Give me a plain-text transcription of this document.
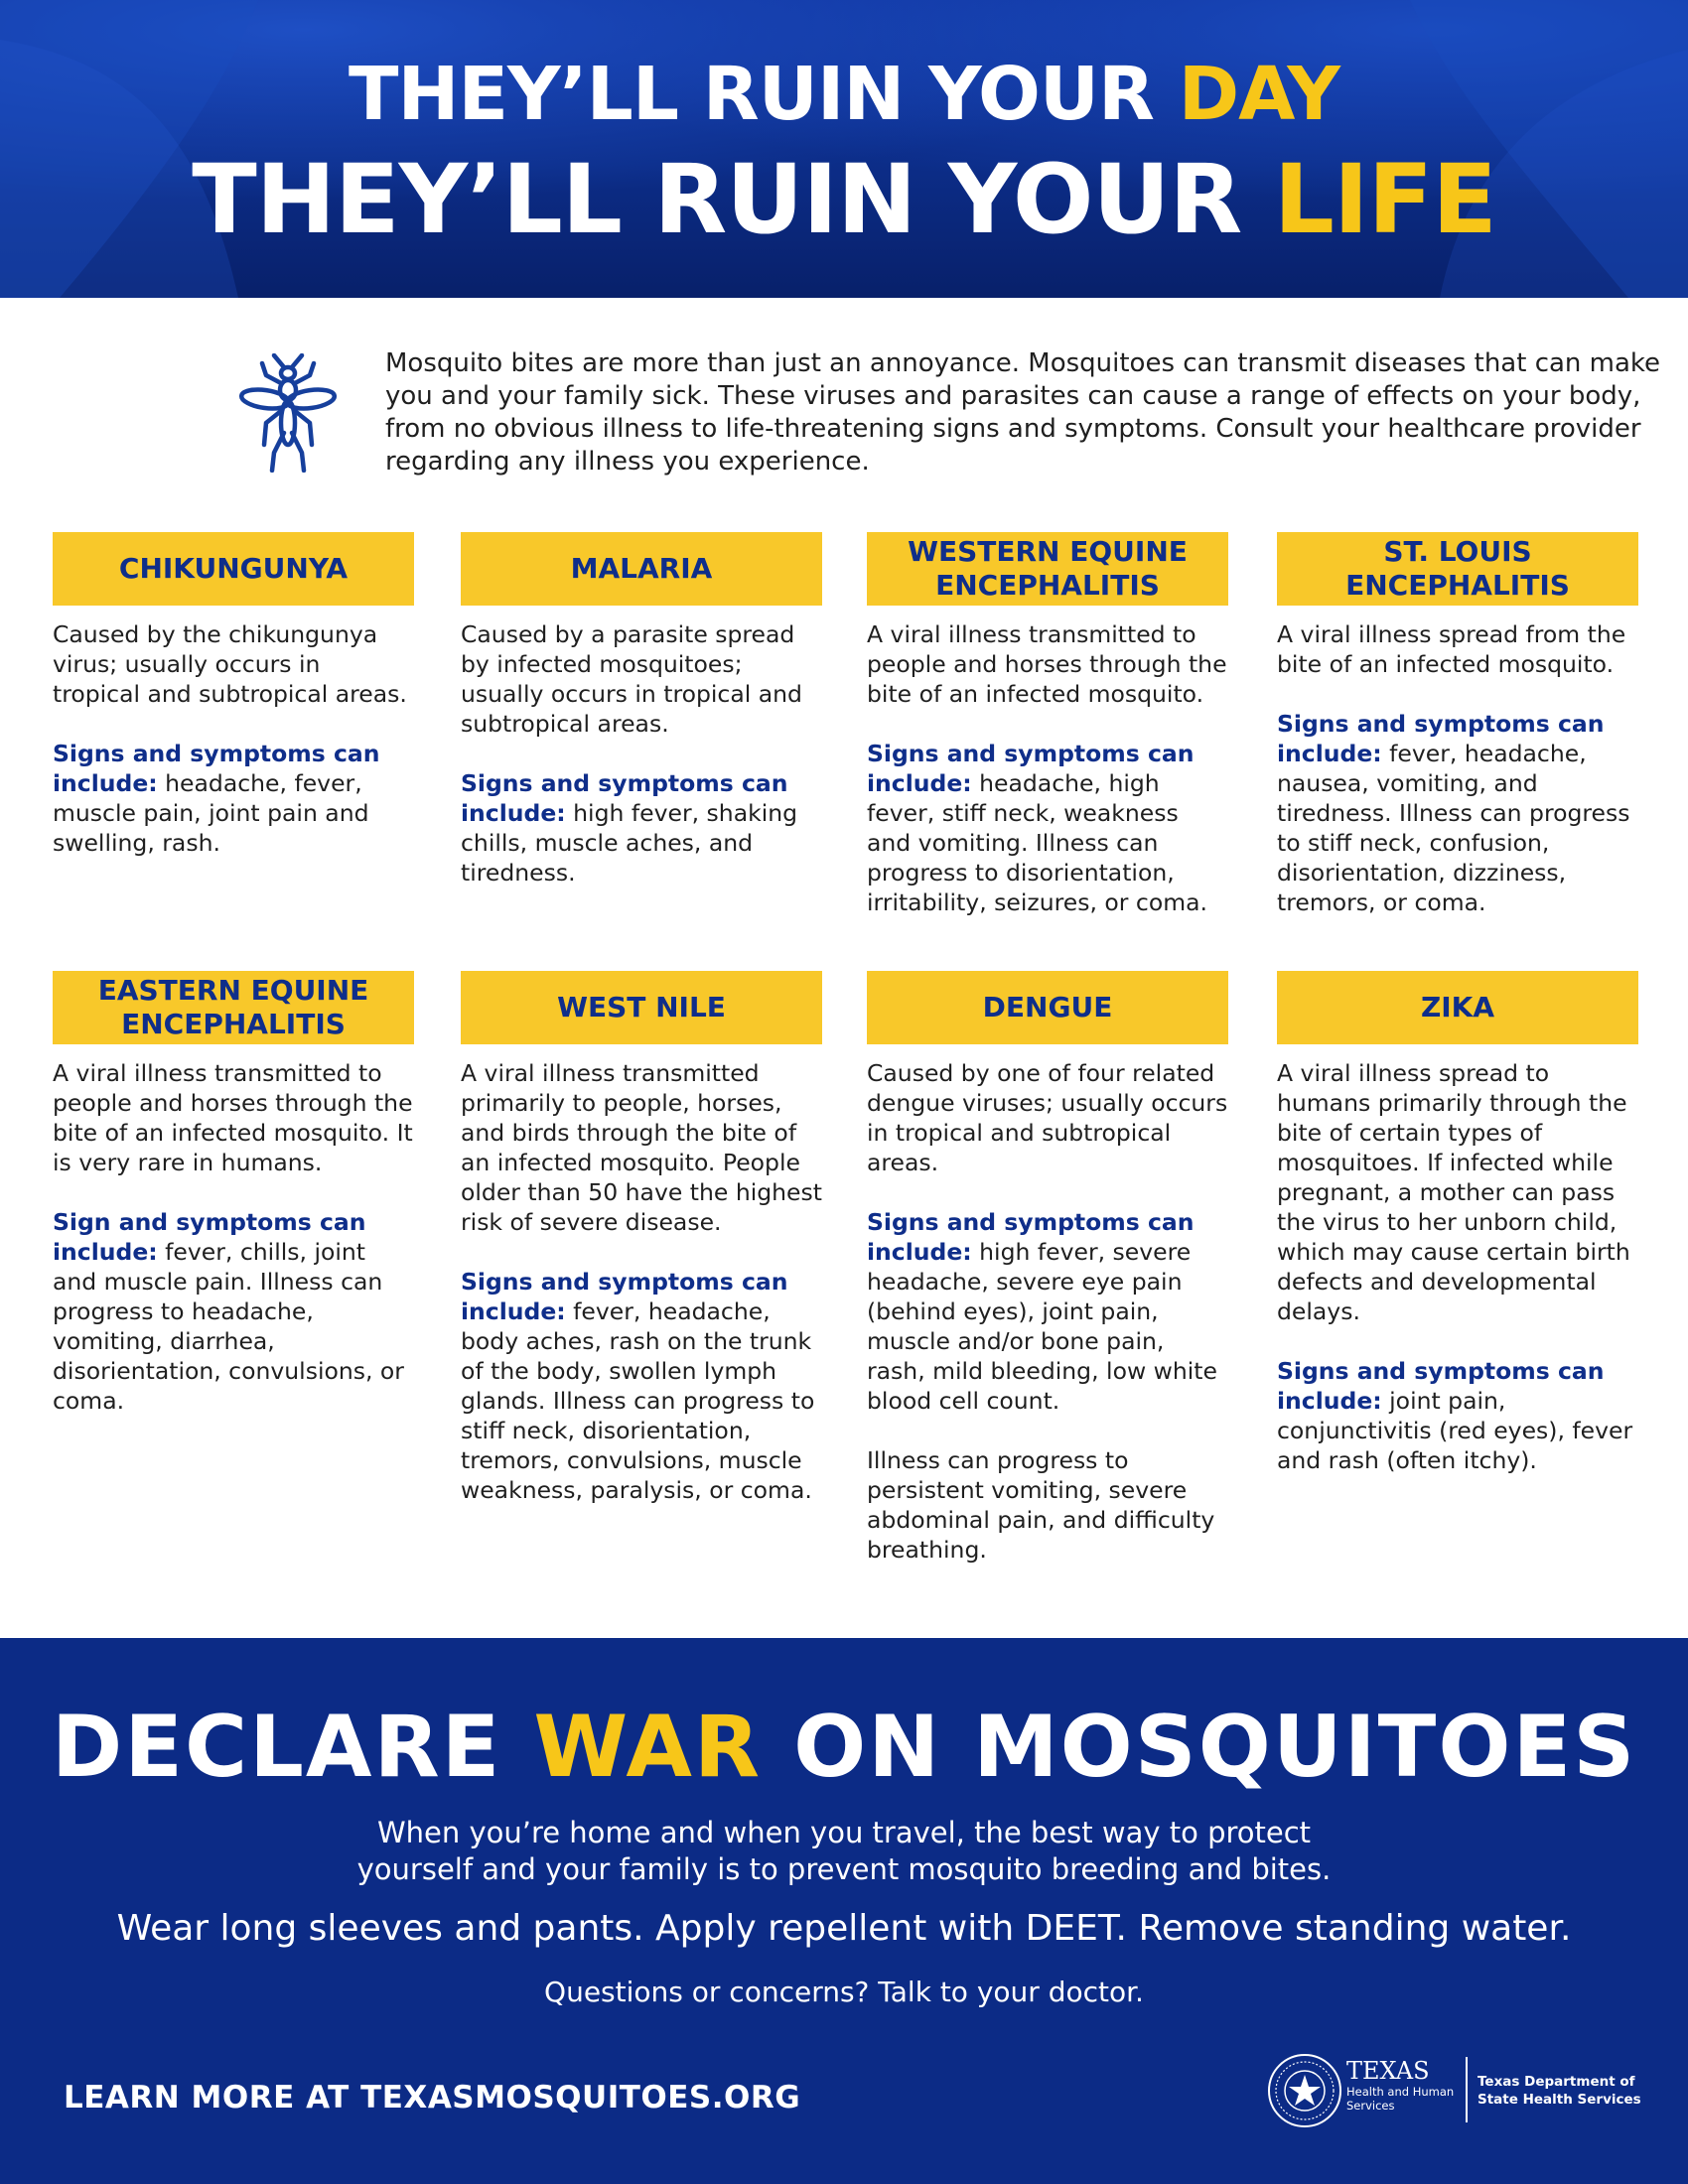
THEY’LL RUIN YOUR DAY
THEY’LL RUIN YOUR LIFE

Mosquito bites are more than just an annoyance. Mosquitoes can transmit diseases that can make you and your family sick. These viruses and parasites can cause a range of effects on your body, from no obvious illness to life-threatening signs and symptoms. Consult your healthcare provider regarding any illness you experience.

CHIKUNGUNYA

Caused by the chikungunya virus; usually occurs in tropical and subtropical areas.

Signs and symptoms can include: headache, fever, muscle pain, joint pain and swelling, rash.

MALARIA

Caused by a parasite spread by infected mosquitoes; usually occurs in tropical and subtropical areas.

Signs and symptoms can include: high fever, shaking chills, muscle aches, and tiredness.

WESTERN EQUINE ENCEPHALITIS

A viral illness transmitted to people and horses through the bite of an infected mosquito.

Signs and symptoms can include: headache, high fever, stiff neck, weakness and vomiting. Illness can progress to disorientation, irritability, seizures, or coma.

ST. LOUIS ENCEPHALITIS

A viral illness spread from the bite of an infected mosquito.

Signs and symptoms can include: fever, headache, nausea, vomiting, and tiredness. Illness can progress to stiff neck, confusion, disorientation, dizziness, tremors, or coma.

EASTERN EQUINE ENCEPHALITIS

A viral illness transmitted to people and horses through the bite of an infected mosquito. It is very rare in humans.

Sign and symptoms can include: fever, chills, joint and muscle pain. Illness can progress to headache, vomiting, diarrhea, disorientation, convulsions, or coma.

WEST NILE

A viral illness transmitted primarily to people, horses, and birds through the bite of an infected mosquito. People older than 50 have the highest risk of severe disease.

Signs and symptoms can include: fever, headache, body aches, rash on the trunk of the body, swollen lymph glands. Illness can progress to stiff neck, disorientation, tremors, convulsions, muscle weakness, paralysis, or coma.

DENGUE

Caused by one of four related dengue viruses; usually occurs in tropical and subtropical areas.

Signs and symptoms can include: high fever, severe headache, severe eye pain (behind eyes), joint pain, muscle and/or bone pain, rash, mild bleeding, low white blood cell count.

Illness can progress to persistent vomiting, severe abdominal pain, and difficulty breathing.

ZIKA

A viral illness spread to humans primarily through the bite of certain types of mosquitoes. If infected while pregnant, a mother can pass the virus to her unborn child, which may cause certain birth defects and developmental delays.

Signs and symptoms can include: joint pain, conjunctivitis (red eyes), fever and rash (often itchy).

DECLARE WAR ON MOSQUITOES
When you’re home and when you travel, the best way to protect
yourself and your family is to prevent mosquito breeding and bites.
Wear long sleeves and pants. Apply repellent with DEET. Remove standing water.
Questions or concerns? Talk to your doctor.
LEARN MORE AT TEXASMOSQUITOES.ORG
TEXAS
Health and Human Services
Texas Department of State Health Services
